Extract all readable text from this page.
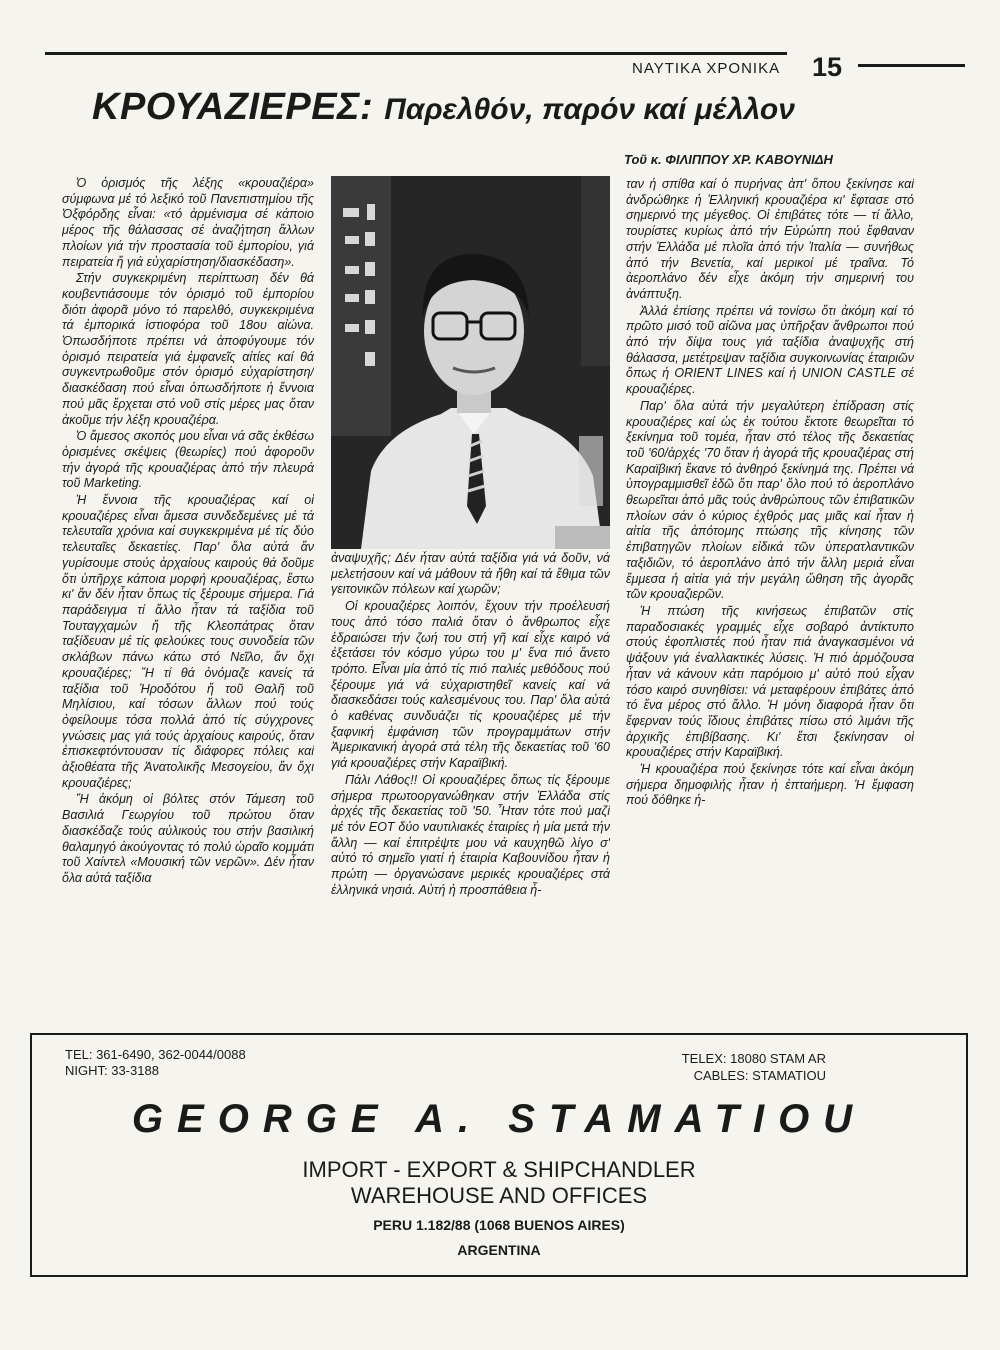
ΝΑΥΤΙΚΑ ΧΡΟΝΙΚΑ 15
ΚΡΟΥΑΖΙΕΡΕΣ: Παρελθόν, παρόν καί μέλλον
Τοῦ κ. ΦΙΛΙΠΠΟΥ ΧΡ. ΚΑΒΟΥΝΙΔΗ

Ὁ ὁρισμός τῆς λέξης «κρουαζιέρα» σύμφωνα μέ τό λεξικό τοῦ Πανεπιστημίου τῆς Ὀξφόρδης εἶναι: «τό ἀρμένισμα σέ κάποιο μέρος τῆς θάλασσας σέ ἀναζήτηση ἄλλων πλοίων γιά τήν προστασία τοῦ ἐμπορίου, γιά πειρατεία ἤ γιά εὐχαρίστηση/διασκέδαση».

Στήν συγκεκριμένη περίπτωση δέν θά κουβεντιάσουμε τόν ὁρισμό τοῦ ἐμπορίου διότι ἀφορᾶ μόνο τό παρελθό, συγκεκριμένα τά ἐμπορικά ἱστιοφόρα τοῦ 18ου αἰώνα. Ὁπωσδήποτε πρέπει νά ἀποφύγουμε τόν ὁρισμό πειρατεία γιά ἐμφανεῖς αἰτίες καί θά συγκεντρωθοῦμε στόν ὁρισμό εὐχαρίστηση/ διασκέδαση πού εἶναι ὁπωσδήποτε ἡ ἔννοια πού μᾶς ἔρχεται στό νοῦ στίς μέρες μας ὅταν ἀκοῦμε τήν λέξη κρουαζιέρα.

Ὁ ἄμεσος σκοπός μου εἶναι νά σᾶς ἐκθέσω ὁρισμένες σκέψεις (θεωρίες) πού ἀφοροῦν τήν ἀγορά τῆς κρουαζιέρας ἀπό τήν πλευρά τοῦ Marketing.

Ἡ ἔννοια τῆς κρουαζιέρας καί οἱ κρουαζιέρες εἶναι ἄμεσα συνδεδεμένες μέ τά τελευταῖα χρόνια καί συγκεκριμένα μέ τίς δύο τελευταῖες δεκαετίες. Παρ' ὅλα αὐτά ἄν γυρίσουμε στούς ἀρχαίους καιρούς θά δοῦμε ὅτι ὑπῆρχε κάποια μορφή κρουαζιέρας, ἔστω κι' ἄν δέν ἦταν ὅπως τίς ξέρουμε σήμερα. Γιά παράδειγμα τί ἄλλο ἦταν τά ταξίδια τοῦ Τουταγχαμών ἤ τῆς Κλεοπάτρας ὅταν ταξίδευαν μέ τίς φελούκες τους συνοδεία τῶν σκλάβων πάνω κάτω στό Νεῖλο, ἄν ὄχι κρουαζιέρες; Ἤ τί θά ὀνόμαζε κανείς τά ταξίδια τοῦ Ἡροδότου ἤ τοῦ Θαλῆ τοῦ Μηλίσιου, καί τόσων ἄλλων πού τούς ὀφείλουμε τόσα πολλά ἀπό τίς σύγχρονες γνώσεις μας γιά τούς ἀρχαίους καιρούς, ὅταν ἐπισκεφτόντουσαν τίς διάφορες πόλεις καί ἀξιοθέατα τῆς Ἀνατολικῆς Μεσογείου, ἄν ὄχι κρουαζιέρες;

Ἤ ἀκόμη οἱ βόλτες στόν Τάμεση τοῦ Βασιλιά Γεωργίου τοῦ πρώτου ὅταν διασκέδαζε τούς αὐλικούς του στήν βασιλική θαλαμηγό ἀκούγοντας τό πολύ ὡραῖο κομμάτι τοῦ Χαίντελ «Μουσική τῶν νερῶν». Δέν ἦταν ὅλα αὐτά ταξίδια

ἀναψυχῆς; Δέν ἦταν αὐτά ταξίδια γιά νά δοῦν, νά μελετήσουν καί νά μάθουν τά ἤθη καί τά ἔθιμα τῶν γειτονικῶν πόλεων καί χωρῶν;

Οἱ κρουαζιέρες λοιπόν, ἔχουν τήν προέλευσή τους ἀπό τόσο παλιά ὅταν ὁ ἄνθρωπος εἶχε ἑδραιώσει τήν ζωή του στή γῆ καί εἶχε καιρό νά ἐξετάσει τόν κόσμο γύρω του μ' ἕνα πιό ἄνετο τρόπο. Εἶναι μία ἀπό τίς πιό παλιές μεθόδους πού ξέρουμε γιά νά εὐχαριστηθεῖ κανείς καί νά διασκεδάσει τούς καλεσμένους του. Παρ' ὅλα αὐτά ὁ καθένας συνδυάζει τίς κρουαζιέρες μέ τήν ξαφνική ἐμφάνιση τῶν προγραμμάτων στήν Ἀμερικανική ἀγορά στά τέλη τῆς δεκαετίας τοῦ '60 γιά κρουαζιέρες στήν Καραϊβική.

Πάλι Λάθος!! Οἱ κρουαζιέρες ὅπως τίς ξέρουμε σήμερα πρωτοοργανώθηκαν στήν Ἑλλάδα στίς ἀρχές τῆς δεκαετίας τοῦ '50. Ἦταν τότε πού μαζί μέ τόν ΕΟΤ δύο ναυτιλιακές ἑταιρίες ἡ μία μετά τήν ἄλλη — καί ἐπιτρέψτε μου νά καυχηθῶ λίγο σ' αὐτό τό σημεῖο γιατί ἡ ἑταιρία Καβουνίδου ἦταν ἡ πρώτη — ὀργανώσανε μερικές κρουαζιέρες στά ἑλληνικά νησιά. Αὐτή ἡ προσπάθεια ἦ-

ταν ἡ σπίθα καί ὁ πυρήνας ἀπ' ὅπου ξεκίνησε καί ἀνδρώθηκε ἡ Ἑλληνική κρουαζιέρα κι' ἔφτασε στό σημερινό της μέγεθος. Οἱ ἐπιβάτες τότε — τί ἄλλο, τουρίστες κυρίως ἀπό τήν Εὐρώπη πού ἔφθαναν στήν Ἑλλάδα μέ πλοῖα ἀπό τήν Ἰταλία — συνήθως ἀπό τήν Βενετία, καί μερικοί μέ τραῖνα. Τό ἀεροπλάνο δέν εἶχε ἀκόμη τήν σημερινή του ἀνάπτυξη.

Ἀλλά ἐπίσης πρέπει νά τονίσω ὅτι ἀκόμη καί τό πρῶτο μισό τοῦ αἰῶνα μας ὑπῆρξαν ἄνθρωποι πού ἀπό τήν δίψα τους γιά ταξίδια ἀναψυχῆς στή θάλασσα, μετέτρεψαν ταξίδια συγκοινωνίας ἑταιριῶν ὅπως ἡ ORIENT LINES καί ἡ UNION CASTLE σέ κρουαζιέρες.

Παρ' ὅλα αὐτά τήν μεγαλύτερη ἐπίδραση στίς κρουαζιέρες καί ὡς ἐκ τούτου ἔκτοτε θεωρεῖται τό ξεκίνημα τοῦ τομέα, ἦταν στό τέλος τῆς δεκαετίας τοῦ '60/ἀρχές '70 ὅταν ἡ ἀγορά τῆς κρουαζιέρας στή Καραϊβική ἔκανε τό ἀνθηρό ξεκίνημά της. Πρέπει νά ὑπογραμμισθεῖ ἐδῶ ὅτι παρ' ὅλο πού τό ἀεροπλάνο θεωρεῖται ἀπό μᾶς τούς ἀνθρώπους τῶν ἐπιβατικῶν πλοίων σάν ὁ κύριος ἐχθρός μας μιᾶς καί ἦταν ἡ αἰτία τῆς ἀπότομης πτώσης τῆς κίνησης τῶν ἐπιβατηγῶν πλοίων εἰδικά τῶν ὑπερατλαντικῶν ταξιδιῶν, τό ἀεροπλάνο ἀπό τήν ἄλλη μεριά εἶναι ἔμμεσα ἡ αἰτία γιά τήν μεγάλη ὤθηση τῆς ἀγορᾶς τῶν κρουαζιερῶν.

Ἡ πτώση τῆς κινήσεως ἐπιβατῶν στίς παραδοσιακές γραμμές εἶχε σοβαρό ἀντίκτυπο στούς ἐφοπλιστές πού ἦταν πιά ἀναγκασμένοι νά ψάξουν γιά ἐναλλακτικές λύσεις. Ἡ πιό ἁρμόζουσα ἦταν νά κάνουν κάτι παρόμοιο μ' αὐτό πού εἶχαν τόσο καιρό συνηθίσει: νά μεταφέρουν ἐπιβάτες ἀπό τό ἕνα μέρος στό ἄλλο. Ἡ μόνη διαφορά ἦταν ὅτι ἔφερναν τούς ἴδιους ἐπιβάτες πίσω στό λιμάνι τῆς ἀρχικῆς ἐπιβίβασης. Κι' ἔτσι ξεκίνησαν οἱ κρουαζιέρες στήν Καραϊβική.

Ἡ κρουαζιέρα πού ξεκίνησε τότε καί εἶναι ἀκόμη σήμερα δημοφιλής ἦταν ἡ ἐπταήμερη. Ἡ ἔμφαση πού δόθηκε ἡ-

TEL: 361-6490, 362-0044/0088
NIGHT: 33-3188
TELEX: 18080 STAM AR
CABLES: STAMATIOU
GEORGE A. STAMATIOU
IMPORT - EXPORT & SHIPCHANDLER
WAREHOUSE AND OFFICES
PERU 1.182/88 (1068 BUENOS AIRES)
ARGENTINA
